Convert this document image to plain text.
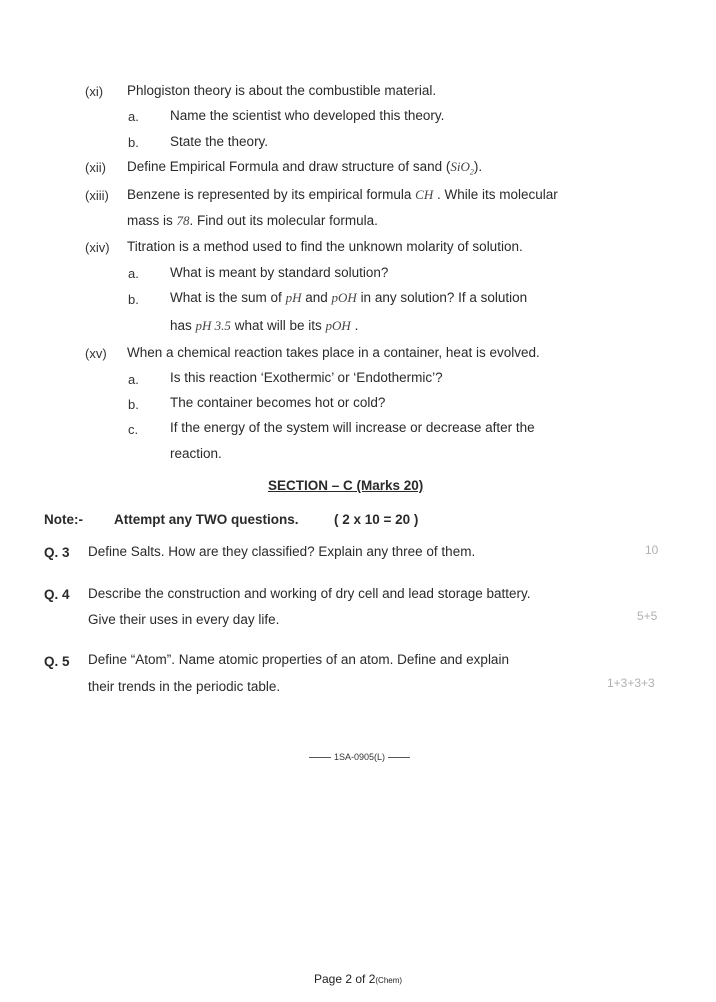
(xi) Phlogiston theory is about the combustible material.
a. Name the scientist who developed this theory.
b. State the theory.
(xii) Define Empirical Formula and draw structure of sand (SiO$_2$).
(xiii) Benzene is represented by its empirical formula CH . While its molecular
mass is 78. Find out its molecular formula.
(xiv) Titration is a method used to find the unknown molarity of solution.
a. What is meant by standard solution?
b. What is the sum of pH and pOH in any solution? If a solution
has pH 3.5 what will be its pOH .
(xv) When a chemical reaction takes place in a container, heat is evolved.
a. Is this reaction ‘Exothermic’ or ‘Endothermic’?
b. The container becomes hot or cold?
c. If the energy of the system will increase or decrease after the
reaction.
SECTION – C (Marks 20)
Note:- Attempt any TWO questions.	( 2 x 10 = 20 )
Q. 3 Define Salts. How are they classified? Explain any three of them.	10
Q. 4 Describe the construction and working of dry cell and lead storage battery.
Give their uses in every day life.	5+5
Q. 5 Define “Atom”. Name atomic properties of an atom. Define and explain
their trends in the periodic table.	1+3+3+3
1SA-0905(L)
Page 2 of 2(Chem)
